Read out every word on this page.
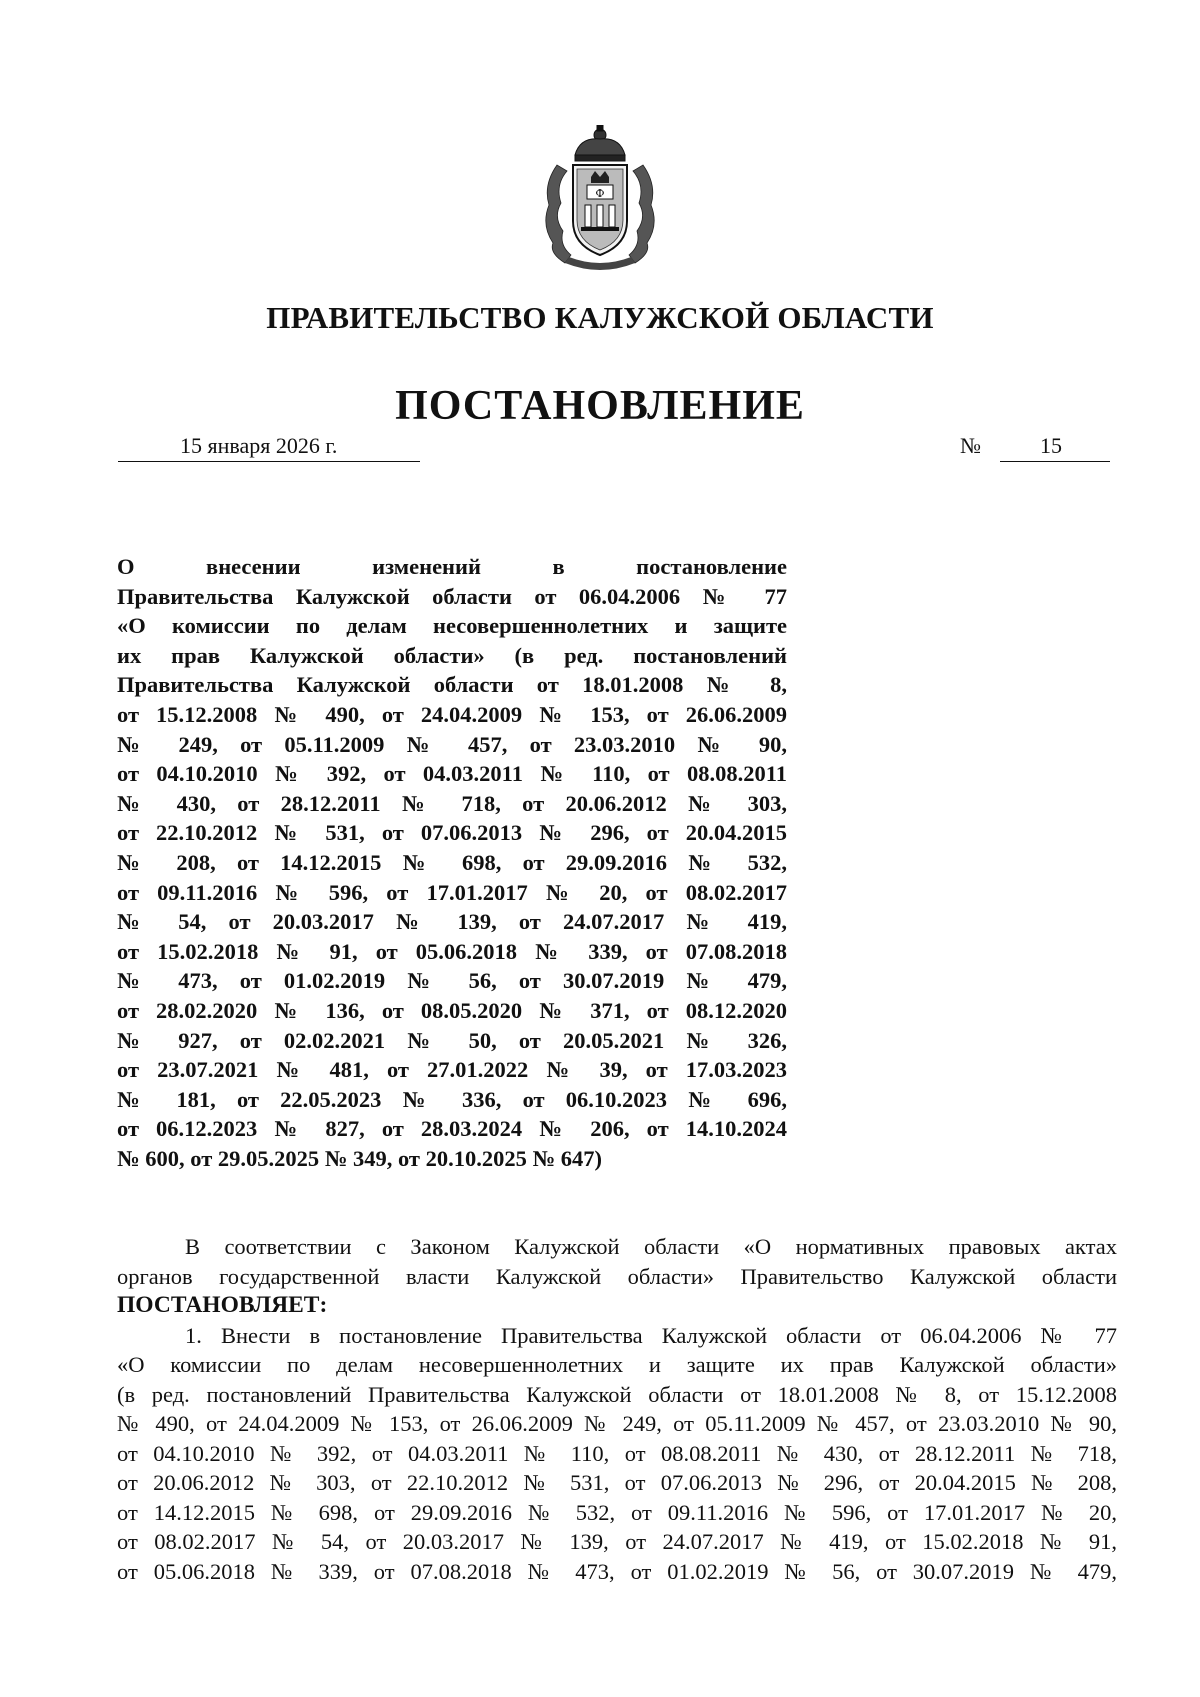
Ф
ПРАВИТЕЛЬСТВО КАЛУЖСКОЙ ОБЛАСТИ
ПОСТАНОВЛЕНИЕ
15 января 2026 г.	№	15
О внесении изменений в постановление
Правительства Калужской области от 06.04.2006 № 77
«О комиссии по делам несовершеннолетних и защите
их прав Калужской области» (в ред. постановлений
Правительства Калужской области от 18.01.2008 № 8,
от 15.12.2008 № 490, от 24.04.2009 № 153, от 26.06.2009
№ 249, от 05.11.2009 № 457, от 23.03.2010 № 90,
от 04.10.2010 № 392, от 04.03.2011 № 110, от 08.08.2011
№ 430, от 28.12.2011 № 718, от 20.06.2012 № 303,
от 22.10.2012 № 531, от 07.06.2013 № 296, от 20.04.2015
№ 208, от 14.12.2015 № 698, от 29.09.2016 № 532,
от 09.11.2016 № 596, от 17.01.2017 № 20, от 08.02.2017
№ 54, от 20.03.2017 № 139, от 24.07.2017 № 419,
от 15.02.2018 № 91, от 05.06.2018 № 339, от 07.08.2018
№ 473, от 01.02.2019 № 56, от 30.07.2019 № 479,
от 28.02.2020 № 136, от 08.05.2020 № 371, от 08.12.2020
№ 927, от 02.02.2021 № 50, от 20.05.2021 № 326,
от 23.07.2021 № 481, от 27.01.2022 № 39, от 17.03.2023
№ 181, от 22.05.2023 № 336, от 06.10.2023 № 696,
от 06.12.2023 № 827, от 28.03.2024 № 206, от 14.10.2024
№ 600, от 29.05.2025 № 349, от 20.10.2025 № 647)
В соответствии с Законом Калужской области «О нормативных правовых актах
органов государственной власти Калужской области» Правительство Калужской области
ПОСТАНОВЛЯЕТ:
1. Внести в постановление Правительства Калужской области от 06.04.2006 № 77
«О комиссии по делам несовершеннолетних и защите их прав Калужской области»
(в ред. постановлений Правительства Калужской области от 18.01.2008 № 8, от 15.12.2008
№ 490, от 24.04.2009 № 153, от 26.06.2009 № 249, от 05.11.2009 № 457, от 23.03.2010 № 90,
от 04.10.2010 № 392, от 04.03.2011 № 110, от 08.08.2011 № 430, от 28.12.2011 № 718,
от 20.06.2012 № 303, от 22.10.2012 № 531, от 07.06.2013 № 296, от 20.04.2015 № 208,
от 14.12.2015 № 698, от 29.09.2016 № 532, от 09.11.2016 № 596, от 17.01.2017 № 20,
от 08.02.2017 № 54, от 20.03.2017 № 139, от 24.07.2017 № 419, от 15.02.2018 № 91,
от 05.06.2018 № 339, от 07.08.2018 № 473, от 01.02.2019 № 56, от 30.07.2019 № 479,
